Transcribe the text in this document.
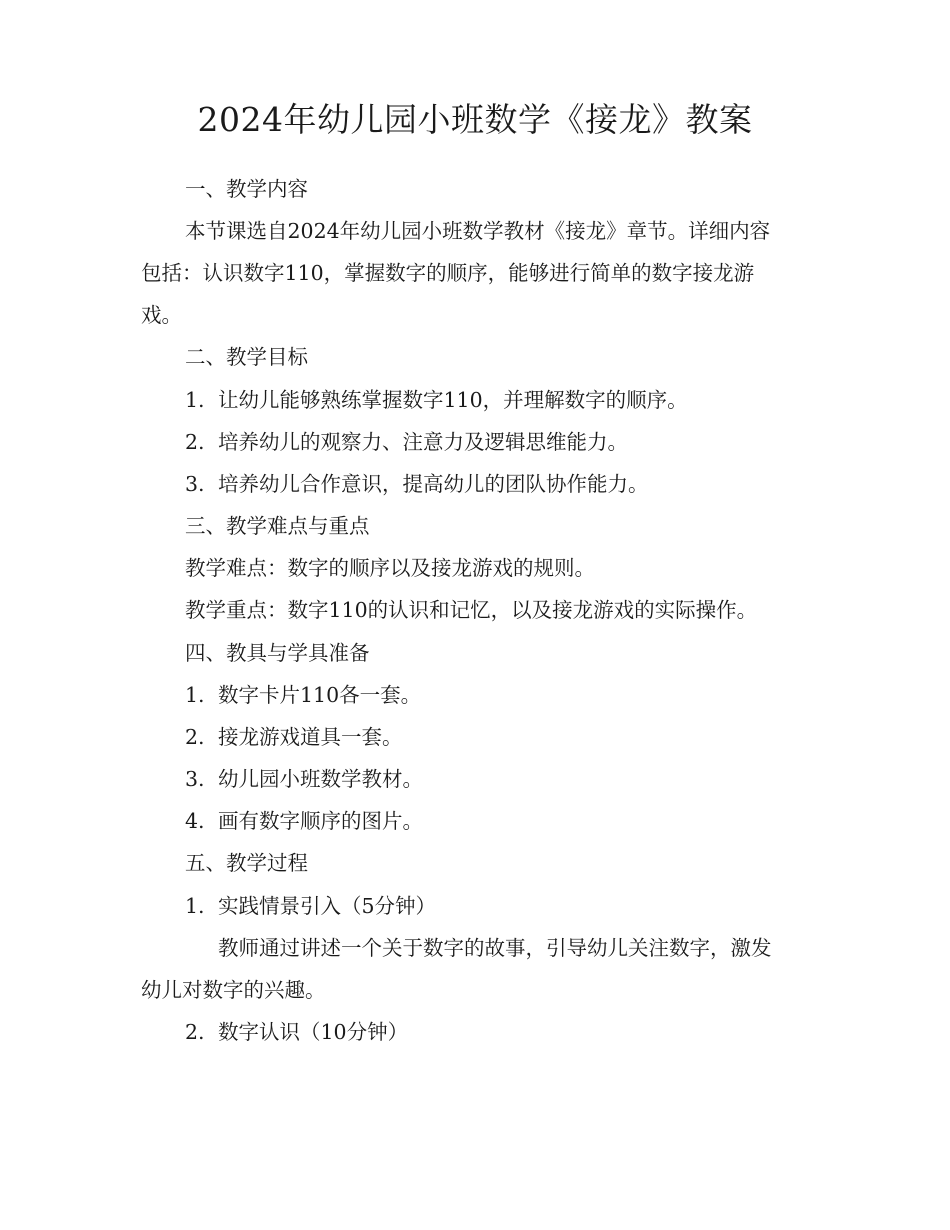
2024年幼儿园小班数学《接龙》教案
一、教学内容
本节课选自2024年幼儿园小班数学教材《接龙》章节。详细内容
包括：认识数字110，掌握数字的顺序，能够进行简单的数字接龙游
戏。
二、教学目标
1. 让幼儿能够熟练掌握数字110，并理解数字的顺序。
2. 培养幼儿的观察力、注意力及逻辑思维能力。
3. 培养幼儿合作意识，提高幼儿的团队协作能力。
三、教学难点与重点
教学难点：数字的顺序以及接龙游戏的规则。
教学重点：数字110的认识和记忆，以及接龙游戏的实际操作。
四、教具与学具准备
1. 数字卡片110各一套。
2. 接龙游戏道具一套。
3. 幼儿园小班数学教材。
4. 画有数字顺序的图片。
五、教学过程
1. 实践情景引入（5分钟）
教师通过讲述一个关于数字的故事，引导幼儿关注数字，激发
幼儿对数字的兴趣。
2. 数字认识（10分钟）
